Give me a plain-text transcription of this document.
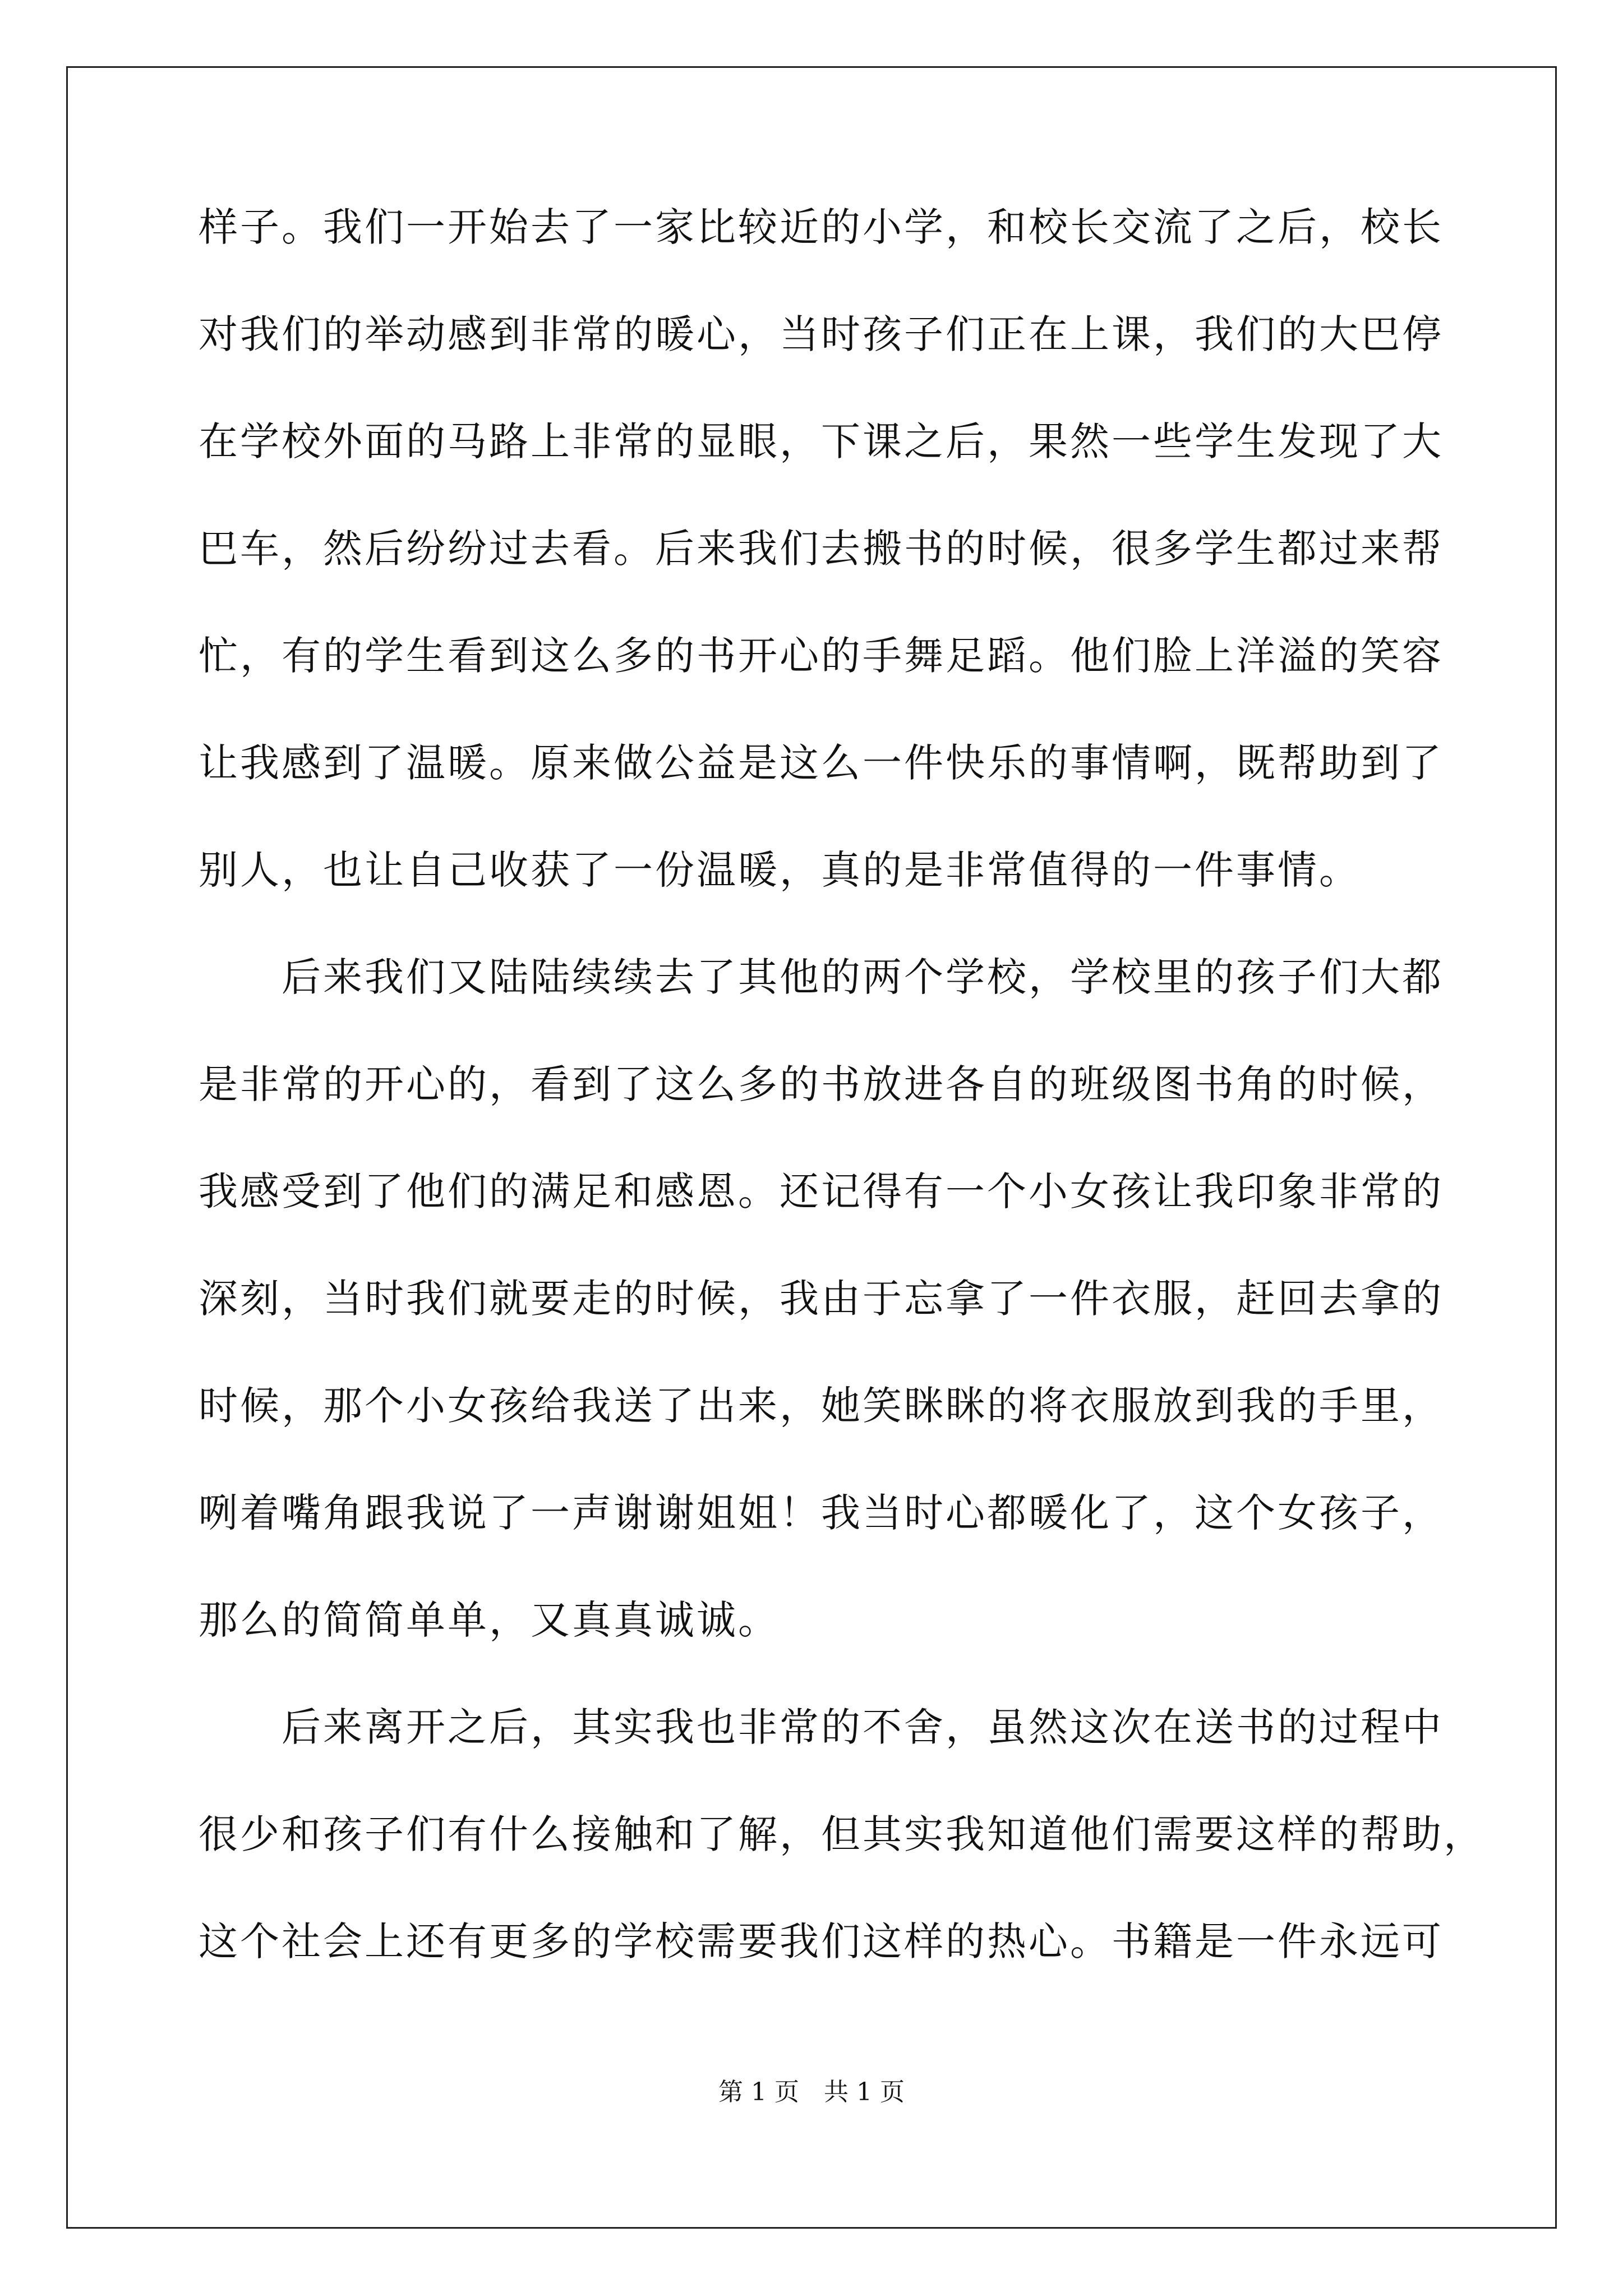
样子。我们一开始去了一家比较近的小学，和校长交流了之后，校长
对我们的举动感到非常的暖心，当时孩子们正在上课，我们的大巴停
在学校外面的马路上非常的显眼，下课之后，果然一些学生发现了大
巴车，然后纷纷过去看。后来我们去搬书的时候，很多学生都过来帮
忙，有的学生看到这么多的书开心的手舞足蹈。他们脸上洋溢的笑容
让我感到了温暖。原来做公益是这么一件快乐的事情啊，既帮助到了
别人，也让自己收获了一份温暖，真的是非常值得的一件事情。
　　后来我们又陆陆续续去了其他的两个学校，学校里的孩子们大都
是非常的开心的，看到了这么多的书放进各自的班级图书角的时候，
我感受到了他们的满足和感恩。还记得有一个小女孩让我印象非常的
深刻，当时我们就要走的时候，我由于忘拿了一件衣服，赶回去拿的
时候，那个小女孩给我送了出来，她笑眯眯的将衣服放到我的手里，
咧着嘴角跟我说了一声谢谢姐姐！我当时心都暖化了，这个女孩子，
那么的简简单单，又真真诚诚。
　　后来离开之后，其实我也非常的不舍，虽然这次在送书的过程中
很少和孩子们有什么接触和了解，但其实我知道他们需要这样的帮助，
这个社会上还有更多的学校需要我们这样的热心。书籍是一件永远可
第 1 页　共 1 页
